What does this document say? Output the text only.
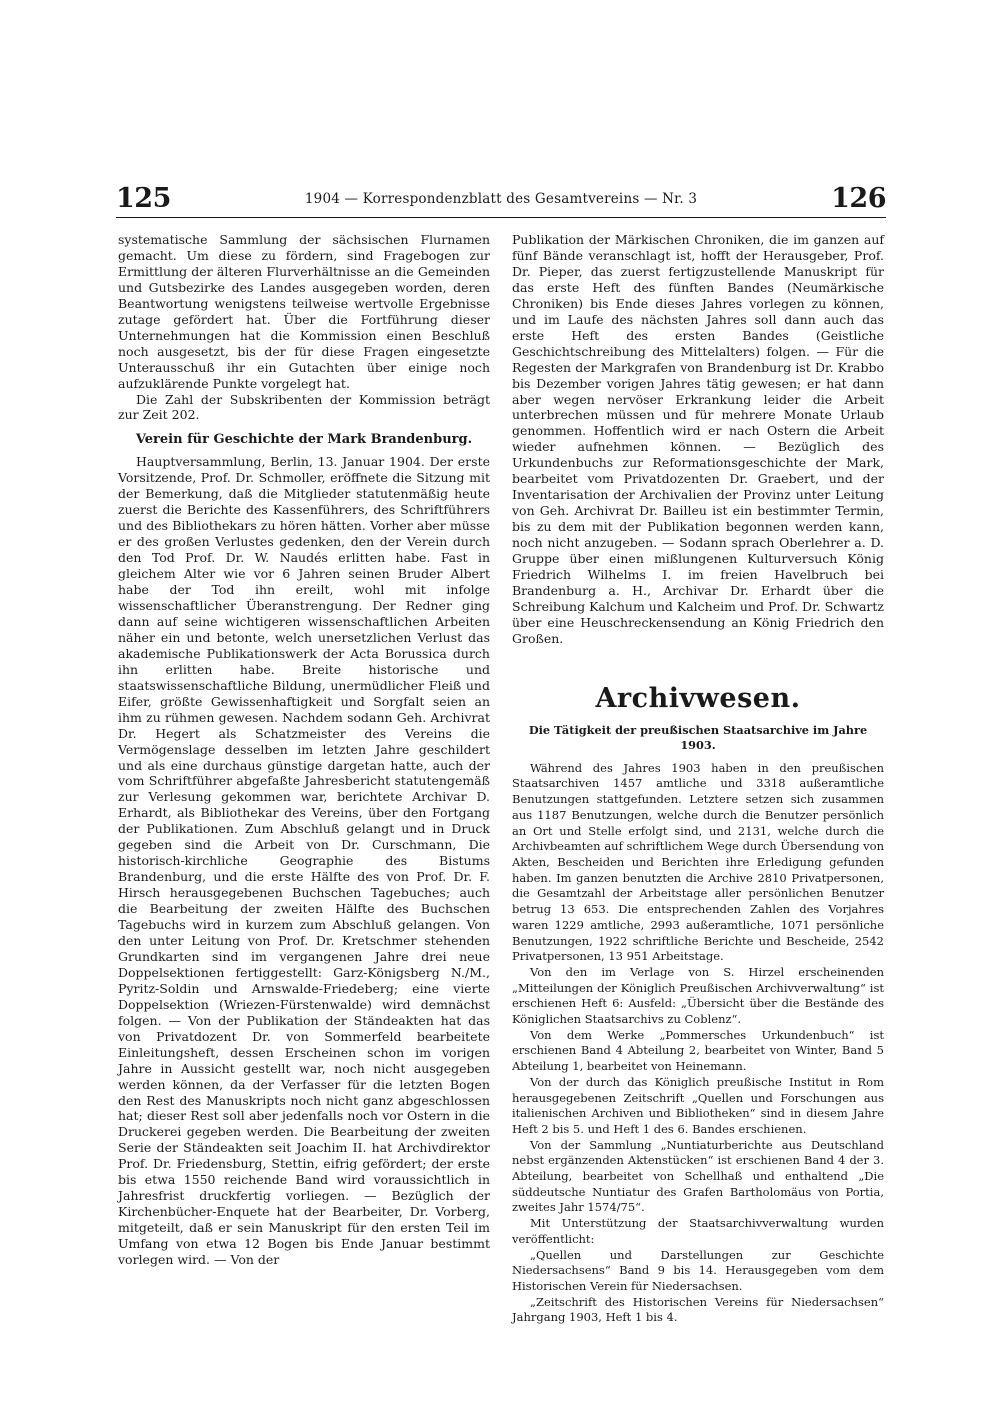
125	1904 — Korrespondenzblatt des Gesamtvereins — Nr. 3	126

systematische Sammlung der sächsischen Flurnamen gemacht. Um diese zu fördern, sind Fragebogen zur Ermittlung der älteren Flurverhältnisse an die Gemeinden und Gutsbezirke des Landes ausgegeben worden, deren Beantwortung wenigstens teilweise wertvolle Ergebnisse zutage gefördert hat. Über die Fortführung dieser Unternehmungen hat die Kommission einen Beschluß noch ausgesetzt, bis der für diese Fragen eingesetzte Unterausschuß ihr ein Gutachten über einige noch aufzuklärende Punkte vorgelegt hat.

Die Zahl der Subskribenten der Kommission beträgt zur Zeit 202.

Verein für Geschichte der Mark Brandenburg.

Hauptversammlung, Berlin, 13. Januar 1904. Der erste Vorsitzende, Prof. Dr. Schmoller, eröffnete die Sitzung mit der Bemerkung, daß die Mitglieder statutenmäßig heute zuerst die Berichte des Kassenführers, des Schriftführers und des Bibliothekars zu hören hätten. Vorher aber müsse er des großen Verlustes gedenken, den der Verein durch den Tod Prof. Dr. W. Naudés erlitten habe. Fast in gleichem Alter wie vor 6 Jahren seinen Bruder Albert habe der Tod ihn ereilt, wohl mit infolge wissenschaftlicher Überanstrengung. Der Redner ging dann auf seine wichtigeren wissenschaftlichen Arbeiten näher ein und betonte, welch unersetzlichen Verlust das akademische Publikationswerk der Acta Borussica durch ihn erlitten habe. Breite historische und staatswissenschaftliche Bildung, unermüdlicher Fleiß und Eifer, größte Gewissenhaftigkeit und Sorgfalt seien an ihm zu rühmen gewesen. Nachdem sodann Geh. Archivrat Dr. Hegert als Schatzmeister des Vereins die Vermögenslage desselben im letzten Jahre geschildert und als eine durchaus günstige dargetan hatte, auch der vom Schriftführer abgefaßte Jahresbericht statutengemäß zur Verlesung gekommen war, berichtete Archivar D. Erhardt, als Bibliothekar des Vereins, über den Fortgang der Publikationen. Zum Abschluß gelangt und in Druck gegeben sind die Arbeit von Dr. Curschmann, Die historisch-kirchliche Geographie des Bistums Brandenburg, und die erste Hälfte des von Prof. Dr. F. Hirsch herausgegebenen Buchschen Tagebuches; auch die Bearbeitung der zweiten Hälfte des Buchschen Tagebuchs wird in kurzem zum Abschluß gelangen. Von den unter Leitung von Prof. Dr. Kretschmer stehenden Grundkarten sind im vergangenen Jahre drei neue Doppelsektionen fertiggestellt: Garz-Königsberg N./M., Pyritz-Soldin und Arnswalde-Friedeberg; eine vierte Doppelsektion (Wriezen-Fürstenwalde) wird demnächst folgen. — Von der Publikation der Ständeakten hat das von Privatdozent Dr. von Sommerfeld bearbeitete Einleitungsheft, dessen Erscheinen schon im vorigen Jahre in Aussicht gestellt war, noch nicht ausgegeben werden können, da der Verfasser für die letzten Bogen den Rest des Manuskripts noch nicht ganz abgeschlossen hat; dieser Rest soll aber jedenfalls noch vor Ostern in die Druckerei gegeben werden. Die Bearbeitung der zweiten Serie der Ständeakten seit Joachim II. hat Archivdirektor Prof. Dr. Friedensburg, Stettin, eifrig gefördert; der erste bis etwa 1550 reichende Band wird voraussichtlich in Jahresfrist druckfertig vorliegen. — Bezüglich der Kirchenbücher-Enquete hat der Bearbeiter, Dr. Vorberg, mitgeteilt, daß er sein Manuskript für den ersten Teil im Umfang von etwa 12 Bogen bis Ende Januar bestimmt vorlegen wird. — Von der

Publikation der Märkischen Chroniken, die im ganzen auf fünf Bände veranschlagt ist, hofft der Herausgeber, Prof. Dr. Pieper, das zuerst fertigzustellende Manuskript für das erste Heft des fünften Bandes (Neumärkische Chroniken) bis Ende dieses Jahres vorlegen zu können, und im Laufe des nächsten Jahres soll dann auch das erste Heft des ersten Bandes (Geistliche Geschichtschreibung des Mittelalters) folgen. — Für die Regesten der Markgrafen von Brandenburg ist Dr. Krabbo bis Dezember vorigen Jahres tätig gewesen; er hat dann aber wegen nervöser Erkrankung leider die Arbeit unterbrechen müssen und für mehrere Monate Urlaub genommen. Hoffentlich wird er nach Ostern die Arbeit wieder aufnehmen können. — Bezüglich des Urkundenbuchs zur Reformationsgeschichte der Mark, bearbeitet vom Privatdozenten Dr. Graebert, und der Inventarisation der Archivalien der Provinz unter Leitung von Geh. Archivrat Dr. Bailleu ist ein bestimmter Termin, bis zu dem mit der Publikation begonnen werden kann, noch nicht anzugeben. — Sodann sprach Oberlehrer a. D. Gruppe über einen mißlungenen Kulturversuch König Friedrich Wilhelms I. im freien Havelbruch bei Brandenburg a. H., Archivar Dr. Erhardt über die Schreibung Kalchum und Kalcheim und Prof. Dr. Schwartz über eine Heuschreckensendung an König Friedrich den Großen.

Archivwesen.
Die Tätigkeit der preußischen Staatsarchive im Jahre 1903.

Während des Jahres 1903 haben in den preußischen Staatsarchiven 1457 amtliche und 3318 außeramtliche Benutzungen stattgefunden. Letztere setzen sich zusammen aus 1187 Benutzungen, welche durch die Benutzer persönlich an Ort und Stelle erfolgt sind, und 2131, welche durch die Archivbeamten auf schriftlichem Wege durch Übersendung von Akten, Bescheiden und Berichten ihre Erledigung gefunden haben. Im ganzen benutzten die Archive 2810 Privatpersonen, die Gesamtzahl der Arbeitstage aller persönlichen Benutzer betrug 13 653. Die entsprechenden Zahlen des Vorjahres waren 1229 amtliche, 2993 außeramtliche, 1071 persönliche Benutzungen, 1922 schriftliche Berichte und Bescheide, 2542 Privatpersonen, 13 951 Arbeitstage.

Von den im Verlage von S. Hirzel erscheinenden „Mitteilungen der Königlich Preußischen Archivverwaltung“ ist erschienen Heft 6: Ausfeld: „Übersicht über die Bestände des Königlichen Staatsarchivs zu Coblenz“.

Von dem Werke „Pommersches Urkundenbuch“ ist erschienen Band 4 Abteilung 2, bearbeitet von Winter, Band 5 Abteilung 1, bearbeitet von Heinemann.

Von der durch das Königlich preußische Institut in Rom herausgegebenen Zeitschrift „Quellen und Forschungen aus italienischen Archiven und Bibliotheken“ sind in diesem Jahre Heft 2 bis 5. und Heft 1 des 6. Bandes erschienen.

Von der Sammlung „Nuntiaturberichte aus Deutschland nebst ergänzenden Aktenstücken“ ist erschienen Band 4 der 3. Abteilung, bearbeitet von Schellhaß und enthaltend „Die süddeutsche Nuntiatur des Grafen Bartholomäus von Portia, zweites Jahr 1574/75“.

Mit Unterstützung der Staatsarchivverwaltung wurden veröffentlicht:

„Quellen und Darstellungen zur Geschichte Niedersachsens“ Band 9 bis 14. Herausgegeben vom dem Historischen Verein für Niedersachsen.

„Zeitschrift des Historischen Vereins für Niedersachsen“ Jahrgang 1903, Heft 1 bis 4.
